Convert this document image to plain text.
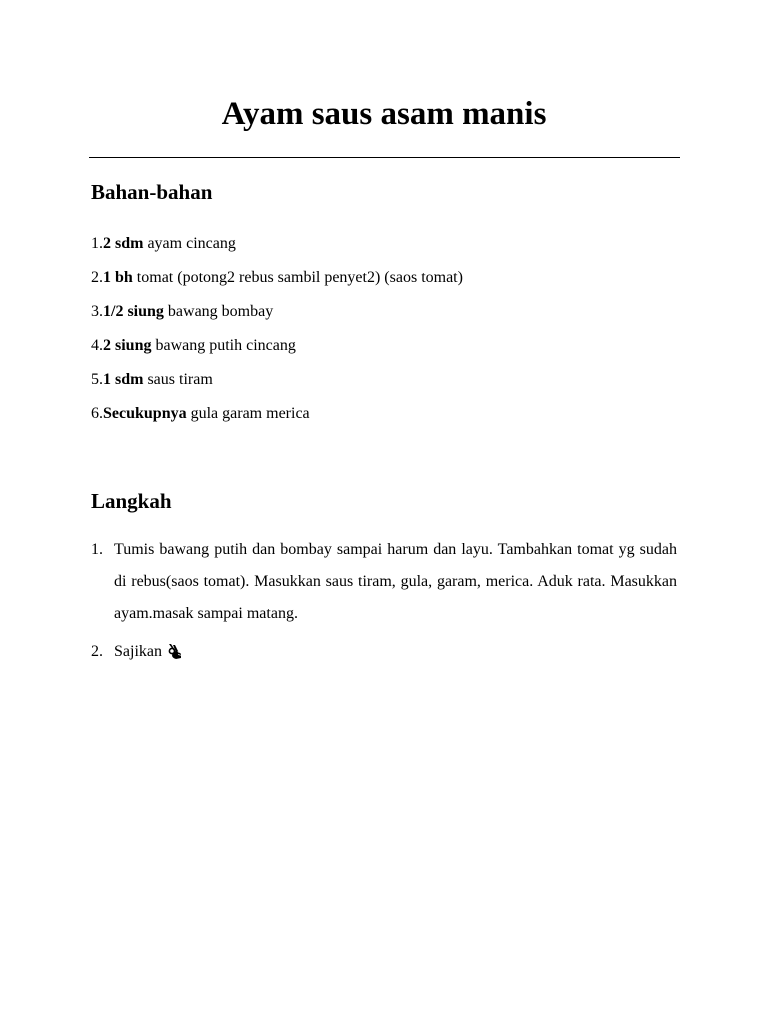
Ayam saus asam manis
Bahan-bahan
1.2 sdm ayam cincang
2.1 bh tomat (potong2 rebus sambil penyet2) (saos tomat)
3.1/2 siung bawang bombay
4.2 siung bawang putih cincang
5.1 sdm saus tiram
6.Secukupnya gula garam merica
Langkah
1. Tumis bawang putih dan bombay sampai harum dan layu. Tambahkan tomat yg sudah di rebus(saos tomat). Masukkan saus tiram, gula, garam, merica. Aduk rata. Masukkan ayam.masak sampai matang.
2. Sajikan
